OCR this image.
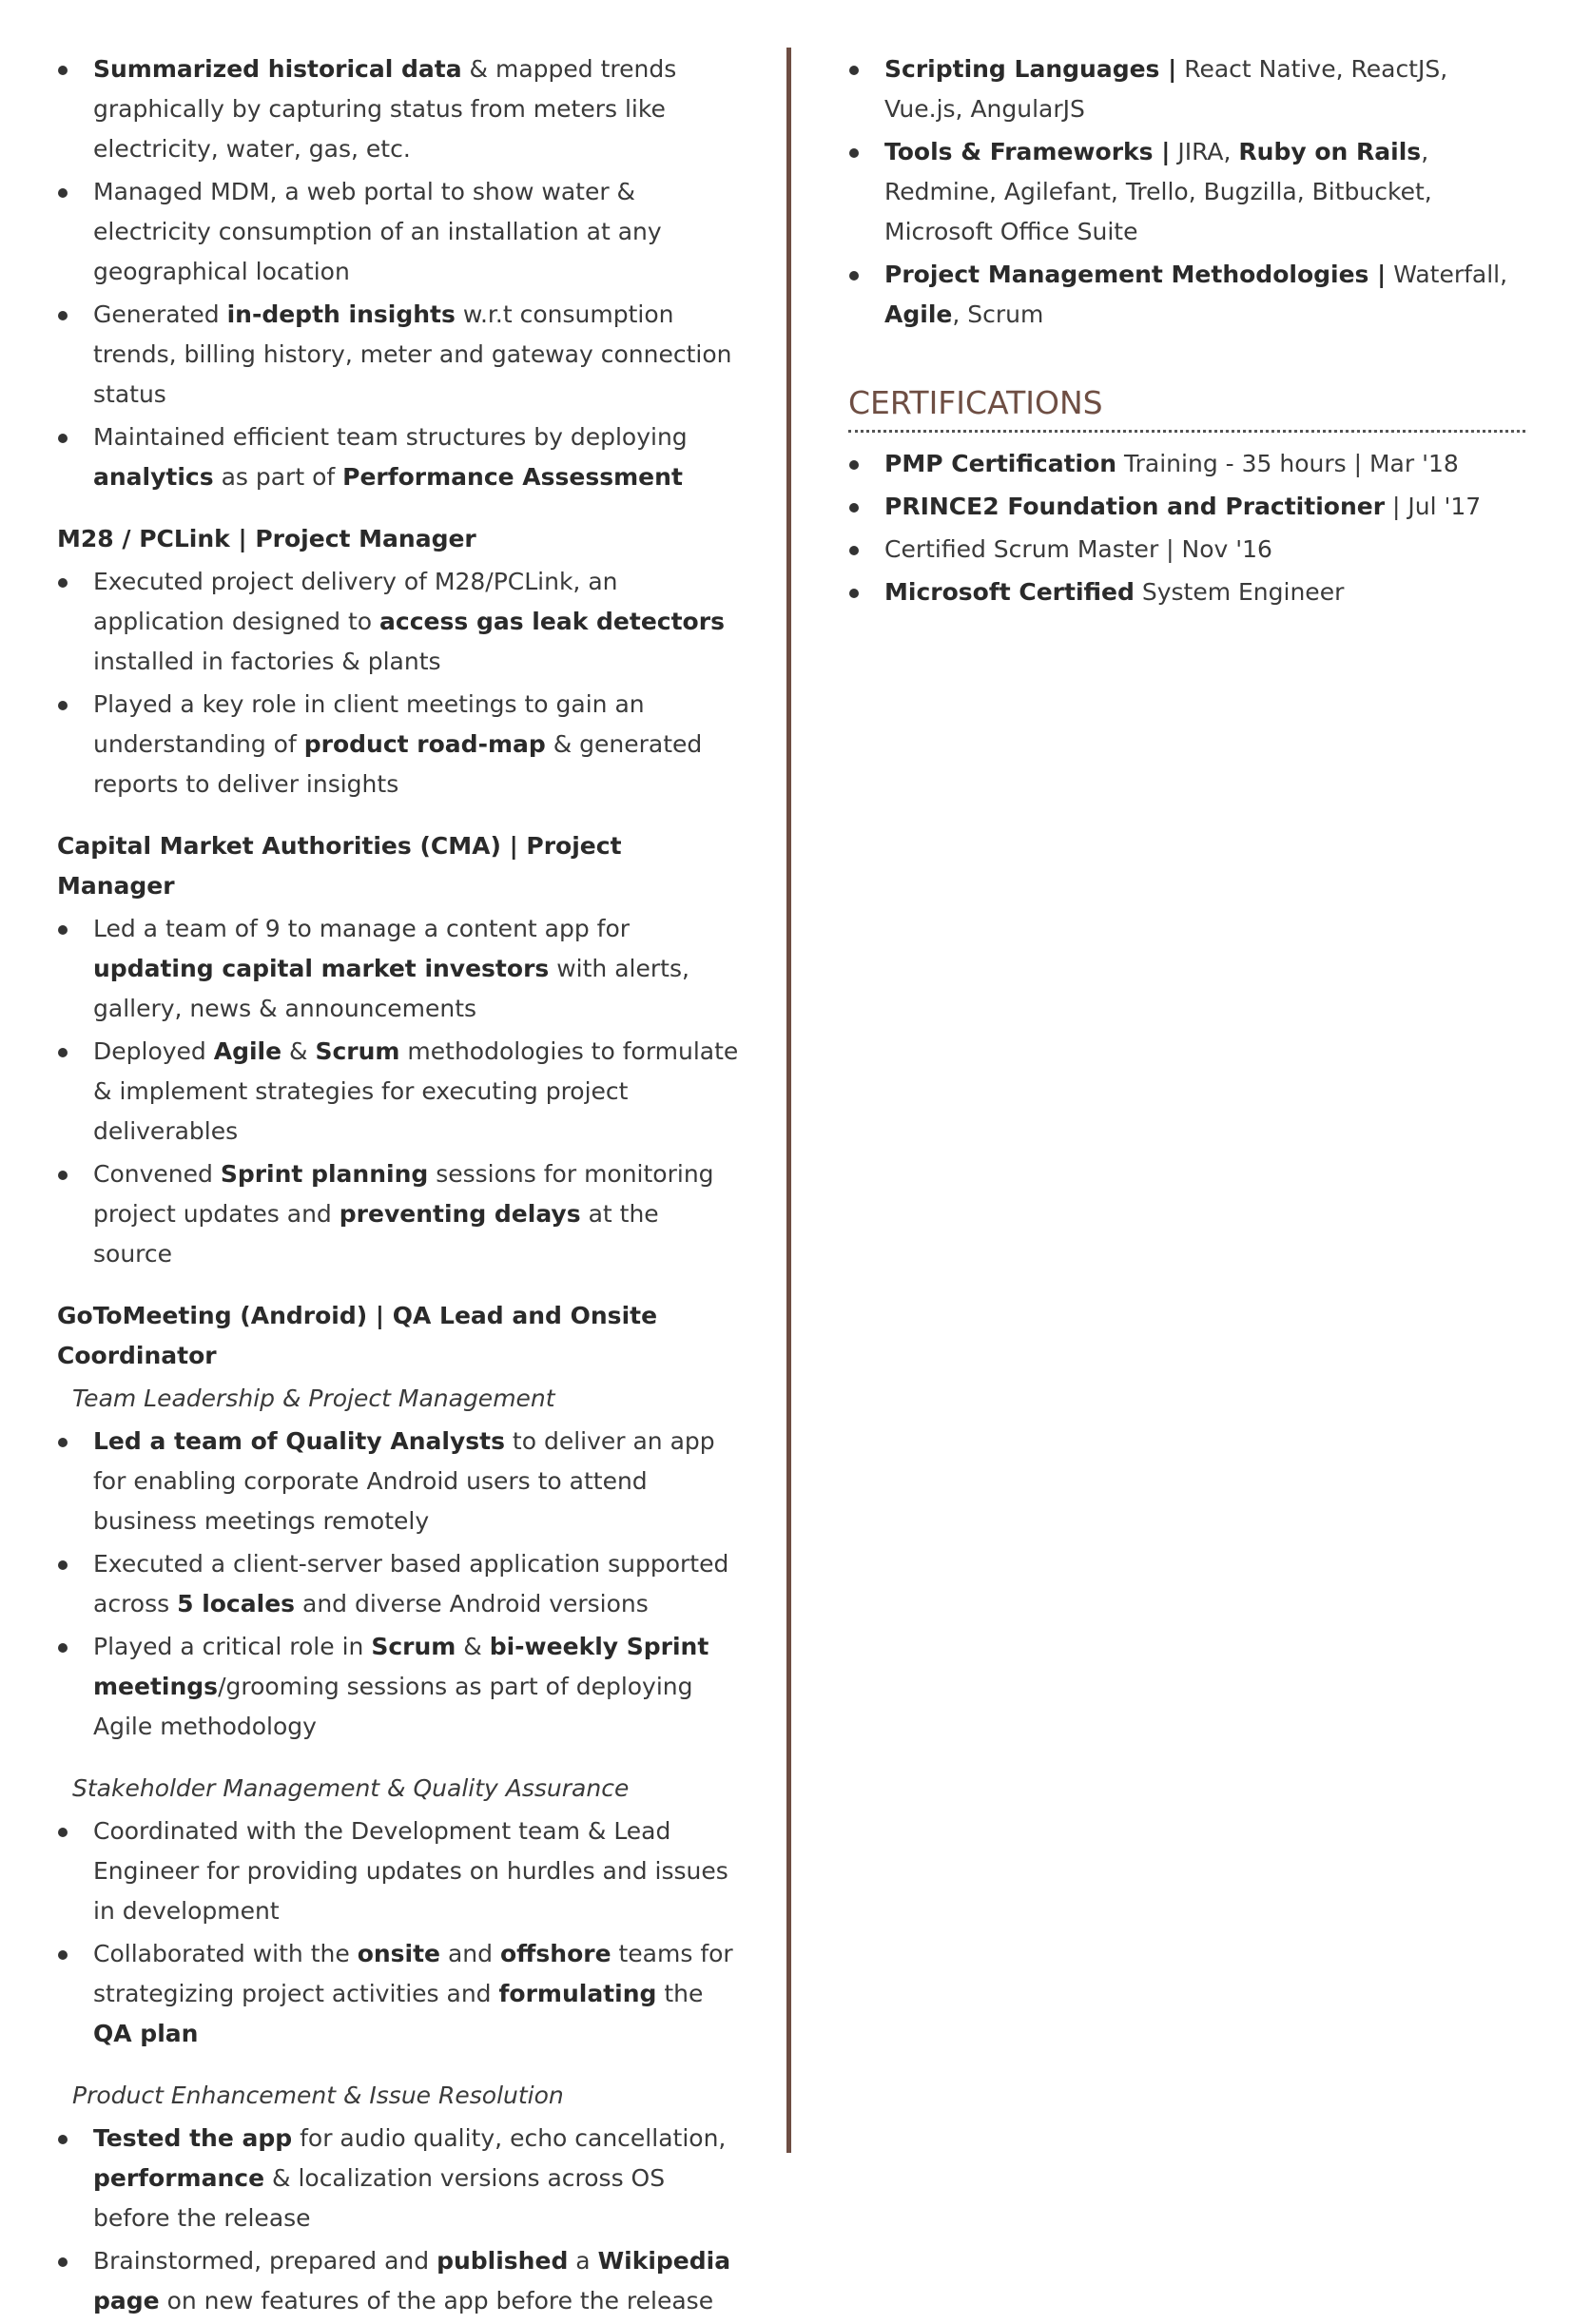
Summarized historical data & mapped trends graphically by capturing status from meters like electricity, water, gas, etc.
Managed MDM, a web portal to show water & electricity consumption of an installation at any geographical location
Generated in-depth insights w.r.t consumption trends, billing history, meter and gateway connection status
Maintained efficient team structures by deploying analytics as part of Performance Assessment
M28 / PCLink | Project Manager
Executed project delivery of M28/PCLink, an application designed to access gas leak detectors installed in factories & plants
Played a key role in client meetings to gain an understanding of product road-map & generated reports to deliver insights
Capital Market Authorities (CMA) | Project Manager
Led a team of 9 to manage a content app for updating capital market investors with alerts, gallery, news & announcements
Deployed Agile & Scrum methodologies to formulate & implement strategies for executing project deliverables
Convened Sprint planning sessions for monitoring project updates and preventing delays at the source
GoToMeeting (Android) | QA Lead and Onsite Coordinator
Team Leadership & Project Management
Led a team of Quality Analysts to deliver an app for enabling corporate Android users to attend business meetings remotely
Executed a client-server based application supported across 5 locales and diverse Android versions
Played a critical role in Scrum & bi-weekly Sprint meetings/grooming sessions as part of deploying Agile methodology
Stakeholder Management & Quality Assurance
Coordinated with the Development team & Lead Engineer for providing updates on hurdles and issues in development
Collaborated with the onsite and offshore teams for strategizing project activities and formulating the QA plan
Product Enhancement & Issue Resolution
Tested the app for audio quality, echo cancellation, performance & localization versions across OS before the release
Brainstormed, prepared and published a Wikipedia page on new features of the app before the release
Scripting Languages | React Native, ReactJS, Vue.js, AngularJS
Tools & Frameworks | JIRA, Ruby on Rails, Redmine, Agilefant, Trello, Bugzilla, Bitbucket, Microsoft Office Suite
Project Management Methodologies | Waterfall, Agile, Scrum
CERTIFICATIONS
PMP Certification Training - 35 hours | Mar '18
PRINCE2 Foundation and Practitioner | Jul '17
Certified Scrum Master | Nov '16
Microsoft Certified System Engineer
